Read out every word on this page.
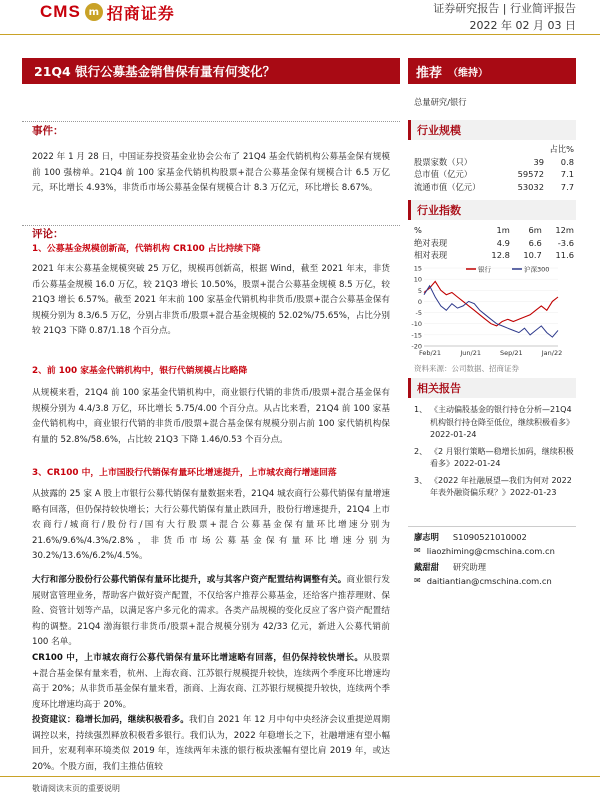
CMS m 招商证券	证券研究报告 | 行业简评报告
2022 年 02 月 03 日
21Q4 银行公募基金销售保有量有何变化？	推荐 （维持）
事件：
2022 年 1 月 28 日，中国证券投资基金业协会公布了 21Q4 基金代销机构公募基金保有规模前 100 强榜单。21Q4 前 100 家基金代销机构股票+混合公募基金保有规模合计 6.5 万亿元，环比增长 4.93%，非货币市场公募基金保有规模合计 8.3 万亿元，环比增长 8.67%。
评论：
1、公募基金规模创新高，代销机构 CR100 占比持续下降
2021 年末公募基金规模突破 25 万亿，规模再创新高，根据 Wind，截至 2021 年末，非货币公募基金规模 16.0 万亿，较 21Q3 增长 10.50%，股票+混合公募基金规模 8.5 万亿，较 21Q3 增长 6.57%。截至 2021 年末前 100 家基金代销机构非货币/股票+混合公募基金保有规模分别为 8.3/6.5 万亿，分别占非货币/股票+混合基金规模的 52.02%/75.65%，占比分别较 21Q3 下降 0.87/1.18 个百分点。
2、前 100 家基金代销机构中，银行代销规模占比略降
从规模来看，21Q4 前 100 家基金代销机构中，商业银行代销的非货币/股票+混合基金保有规模分别为 4.4/3.8 万亿，环比增长 5.75/4.00 个百分点。从占比来看，21Q4 前 100 家基金代销机构中，商业银行代销的非货币/股票+混合基金保有规模分别占前 100 家代销机构保有量的 52.8%/58.6%，占比较 21Q3 下降 1.46/0.53 个百分点。
3、CR100 中，上市国股行代销保有量环比增速提升，上市城农商行增速回落
从披露的 25 家 A 股上市银行公募代销保有量数据来看，21Q4 城农商行公募代销保有量增速略有回落，但仍保持较快增长；大行公募代销保有量止跌回升，股份行增速提升，21Q4 上市农商行/城商行/股份行/国有大行股票+混合公募基金保有量环比增速分别为 21.6%/9.6%/4.3%/2.8%，非货币市场公募基金保有量环比增速分别为 30.2%/13.6%/6.2%/4.5%。
大行和部分股份行公募代销保有量环比提升，或与其客户资产配置结构调整有关。商业银行发展财富管理业务，帮助客户做好资产配置，不仅给客户推荐公募基金，还给客户推荐理财、保险、资管计划等产品，以满足客户多元化的需求。各类产品规模的变化反应了客户资产配置结构的调整。21Q4 渤海银行非货币/股票+混合规模分别为 42/33 亿元，新进入公募代销前 100 名单。
CR100 中，上市城农商行公募代销保有量环比增速略有回落，但仍保持较快增长。从股票+混合基金保有量来看，杭州、上海农商、江苏银行规模提升较快，连续两个季度环比增速均高于 20%；从非货币基金保有量来看，浙商、上海农商、江苏银行规模提升较快，连续两个季度环比增速均高于 20%。
投资建议：稳增长加码，继续积极看多。我们自 2021 年 12 月中旬中央经济会议重提逆周期调控以来，持续强烈释放积极看多银行。我们认为，2022 年稳增长之下，社融增速有望小幅回升，宏观利率环境类似 2019 年，连续两年未涨的银行板块涨幅有望比肩 2019 年，或达 20%。个股方面，我们主推估值较
总量研究/银行
行业规模
		占比%
股票家数（只）	39	0.8
总市值（亿元）	59572	7.1
流通市值（亿元）	53032	7.7
行业指数
%	1m	6m	12m
绝对表现	4.9	6.6	-3.6
相对表现	12.8	10.7	11.6
15
10
5
0
-5
-10
-15
-20
Feb/21	Jun/21	Sep/21	Jan/22
银行	沪深300
资料来源：公司数据、招商证券
相关报告
1、 《主动偏股基金的银行持仓分析—21Q4 机构银行持仓降至低位，继续积极看多》2022-01-24
2、 《2 月银行策略—稳增长加码，继续积极看多》2022-01-24
3、 《2022 年社融展望—我们为何对 2022 年表外融资偏乐观？》2022-01-23
廖志明 S1090521010002
✉ liaozhiming@cmschina.com.cn
戴甜甜 研究助理
✉ daitiantian@cmschina.com.cn
敬请阅读末页的重要说明
